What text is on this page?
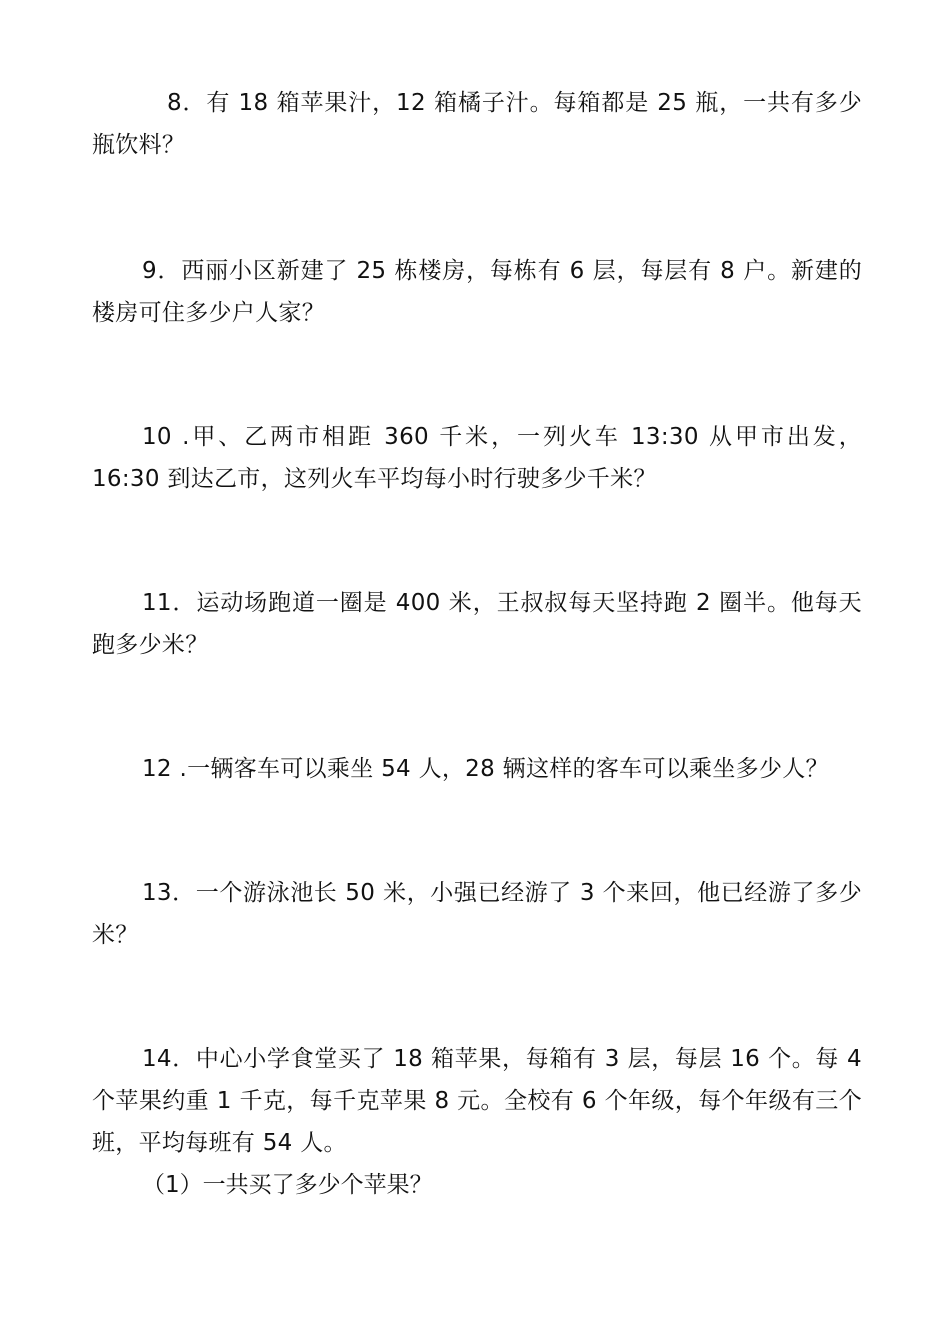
8．有 18 箱苹果汁，12 箱橘子汁。每箱都是 25 瓶，一共有多少瓶饮料？

9．西丽小区新建了 25 栋楼房，每栋有 6 层，每层有 8 户。新建的楼房可住多少户人家？

10 .甲、乙两市相距 360 千米，一列火车 13:30 从甲市出发，16:30 到达乙市，这列火车平均每小时行驶多少千米？

11．运动场跑道一圈是 400 米，王叔叔每天坚持跑 2 圈半。他每天跑多少米？

12 .一辆客车可以乘坐 54 人，28 辆这样的客车可以乘坐多少人？

13．一个游泳池长 50 米，小强已经游了 3 个来回，他已经游了多少米？

14．中心小学食堂买了 18 箱苹果，每箱有 3 层，每层 16 个。每 4 个苹果约重 1 千克，每千克苹果 8 元。全校有 6 个年级，每个年级有三个班，平均每班有 54 人。

（1）一共买了多少个苹果？
